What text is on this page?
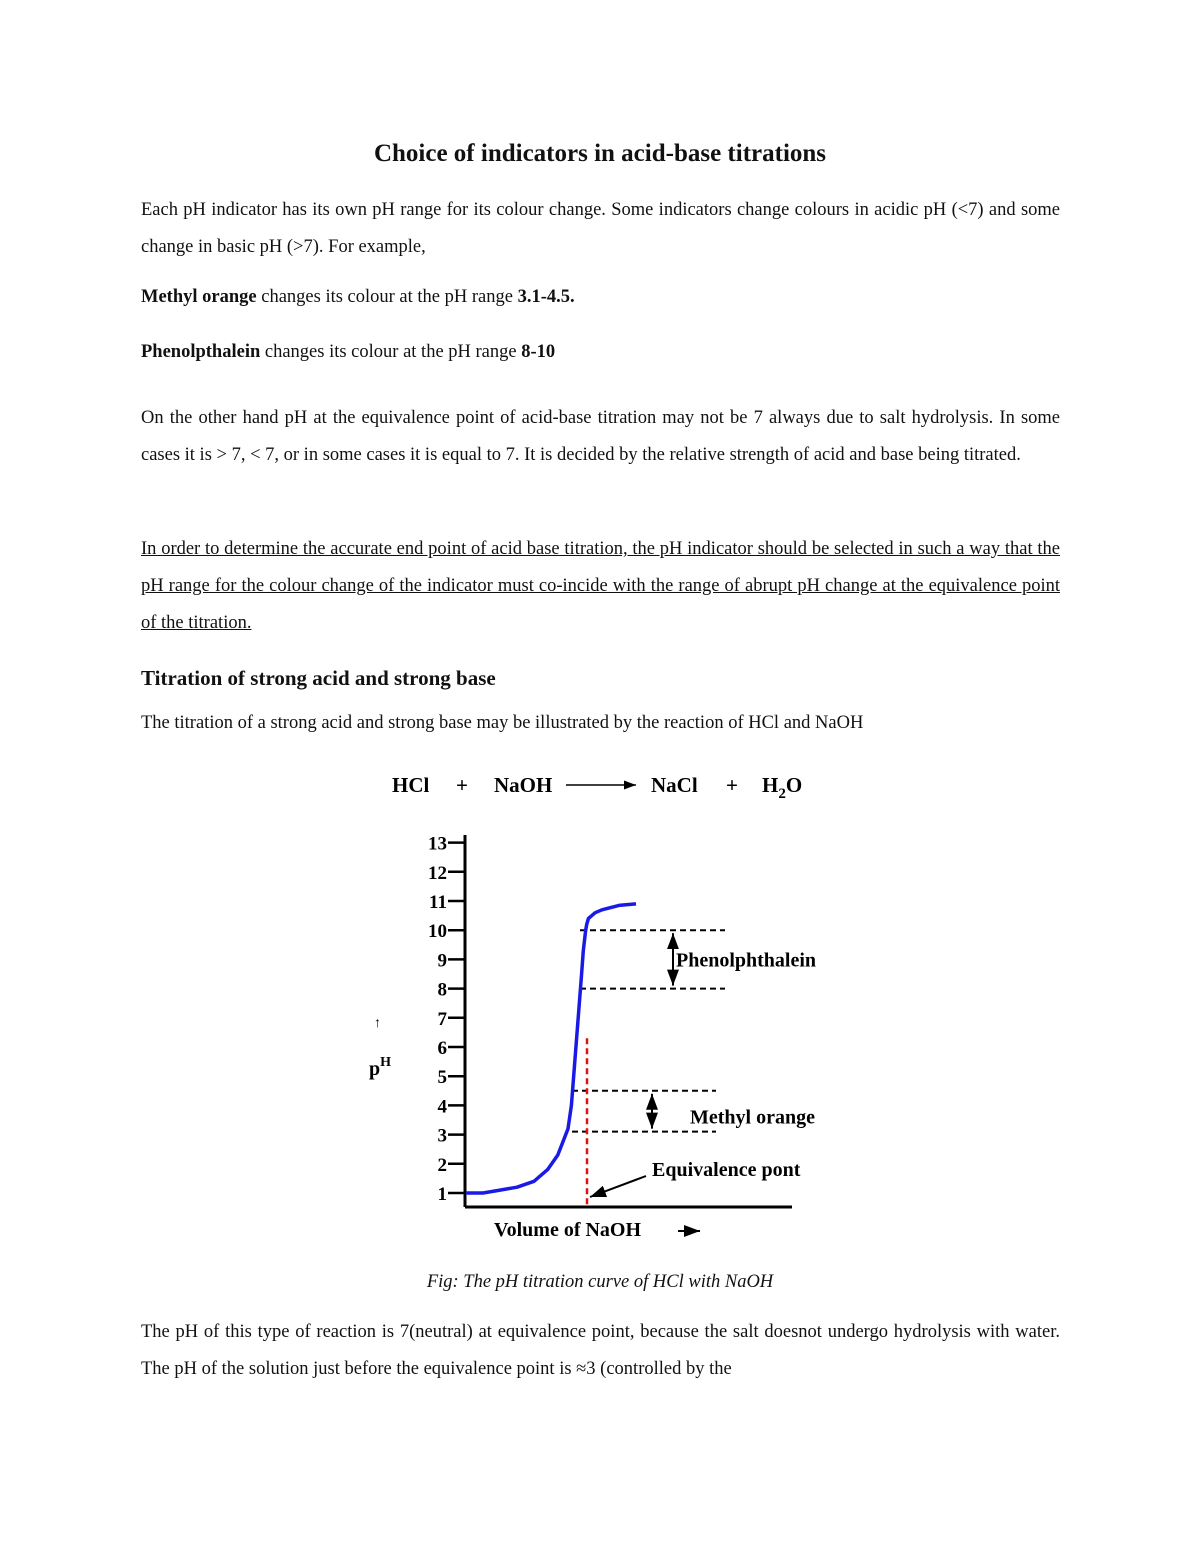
Choice of indicators in acid-base titrations

Each pH indicator has its own pH range for its colour change. Some indicators change colours in acidic pH (<7) and some change in basic pH (>7). For example,

Methyl orange changes its colour at the pH range 3.1-4.5.

Phenolpthalein changes its colour at the pH range 8-10

On the other hand pH at the equivalence point of acid-base titration may not be 7 always due to salt hydrolysis. In some cases it is > 7, < 7, or in some cases it is equal to 7. It is decided by the relative strength of acid and base being titrated.

In order to determine the accurate end point of acid base titration, the pH indicator should be selected in such a way that the pH range for the colour change of the indicator must co-incide with the range of abrupt pH change at the equivalence point of the titration.

Titration of strong acid and strong base

The titration of a strong acid and strong base may be illustrated by the reaction of HCl and NaOH

HCl + NaOH	NaCl + $H_2O$
1
2
3
4
5
6
7
8
9
10
11
12
13
Phenolphthalein
Methyl orange
Equivalence pont
↑
$p^H$
Volume of NaOH

Fig: The pH titration curve of HCl with NaOH

The pH of this type of reaction is 7(neutral) at equivalence point, because the salt doesnot undergo hydrolysis with water. The pH of the solution just before the equivalence point is ≈3 (controlled by the
